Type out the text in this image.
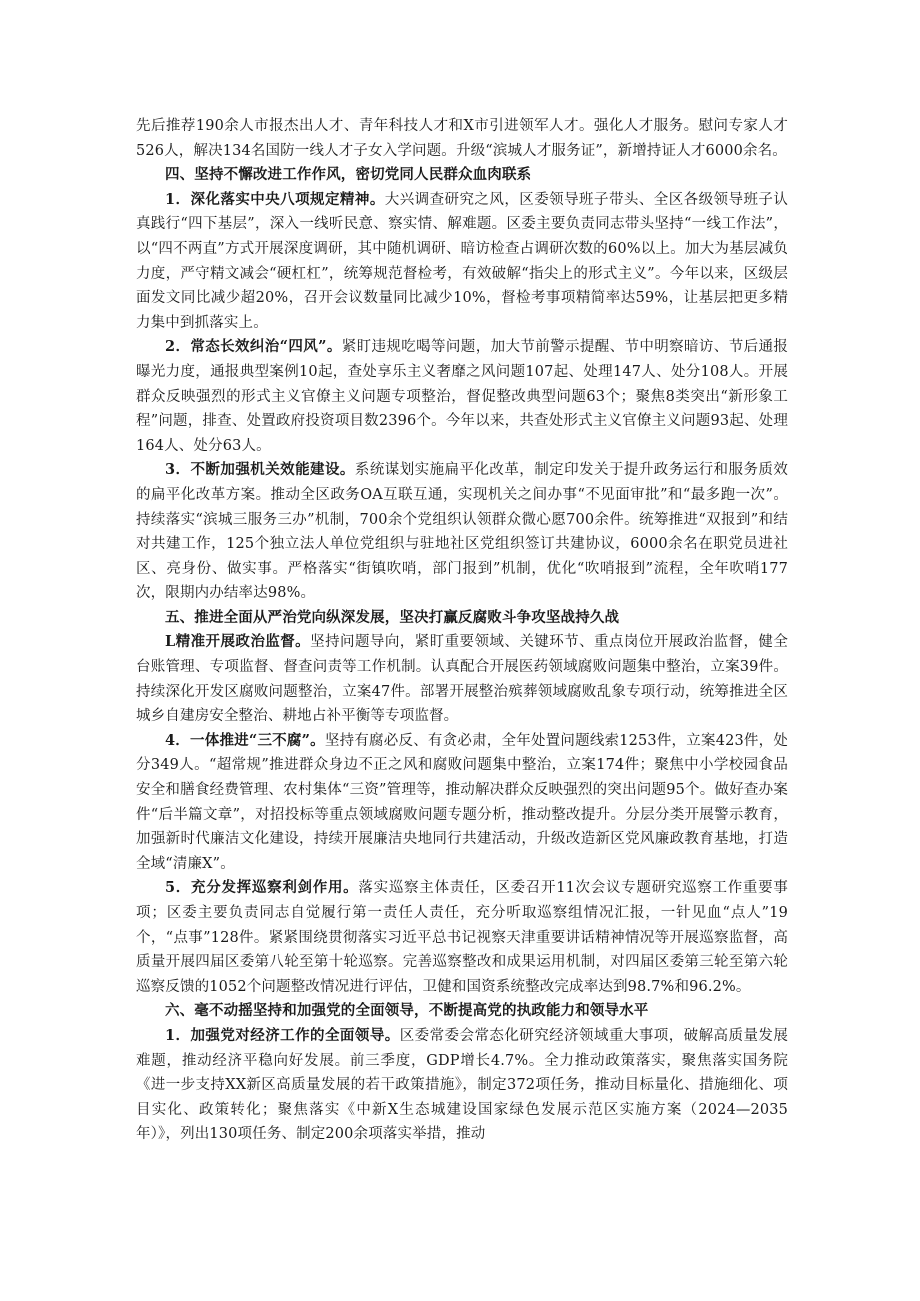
先后推荐190余人市报杰出人才、青年科技人才和X市引进领军人才。强化人才服务。慰问专家人才526人，解决134名国防一线人才子女入学问题。升级“滨城人才服务证”，新增持证人才6000余名。

四、坚持不懈改进工作作风，密切党同人民群众血肉联系

1．深化落实中央八项规定精神。大兴调查研究之风，区委领导班子带头、全区各级领导班子认真践行“四下基层”，深入一线听民意、察实情、解难题。区委主要负责同志带头坚持“一线工作法”，以“四不两直”方式开展深度调研，其中随机调研、暗访检查占调研次数的60%以上。加大为基层减负力度，严守精文减会“硬杠杠”，统筹规范督检考，有效破解“指尖上的形式主义”。今年以来，区级层面发文同比减少超20%，召开会议数量同比减少10%，督检考事项精简率达59%，让基层把更多精力集中到抓落实上。

2．常态长效纠治“四风”。紧盯违规吃喝等问题，加大节前警示提醒、节中明察暗访、节后通报曝光力度，通报典型案例10起，查处享乐主义奢靡之风问题107起、处理147人、处分108人。开展群众反映强烈的形式主义官僚主义问题专项整治，督促整改典型问题63个；聚焦8类突出“新形象工程”问题，排查、处置政府投资项目数2396个。今年以来，共查处形式主义官僚主义问题93起、处理164人、处分63人。

3．不断加强机关效能建设。系统谋划实施扁平化改革，制定印发关于提升政务运行和服务质效的扁平化改革方案。推动全区政务OA互联互通，实现机关之间办事“不见面审批”和“最多跑一次”。持续落实“滨城三服务三办”机制，700余个党组织认领群众微心愿700余件。统筹推进“双报到”和结对共建工作，125个独立法人单位党组织与驻地社区党组织签订共建协议，6000余名在职党员进社区、亮身份、做实事。严格落实“街镇吹哨，部门报到”机制，优化“吹哨报到”流程，全年吹哨177次，限期内办结率达98%。

五、推进全面从严治党向纵深发展，坚决打赢反腐败斗争攻坚战持久战

L精准开展政治监督。坚持问题导向，紧盯重要领域、关键环节、重点岗位开展政治监督，健全台账管理、专项监督、督查问责等工作机制。认真配合开展医药领域腐败问题集中整治，立案39件。持续深化开发区腐败问题整治，立案47件。部署开展整治殡葬领域腐败乱象专项行动，统筹推进全区城乡自建房安全整治、耕地占补平衡等专项监督。

4．一体推进“三不腐”。坚持有腐必反、有贪必肃，全年处置问题线索1253件，立案423件，处分349人。“超常规”推进群众身边不正之风和腐败问题集中整治，立案174件；聚焦中小学校园食品安全和膳食经费管理、农村集体“三资”管理等，推动解决群众反映强烈的突出问题95个。做好查办案件“后半篇文章”，对招投标等重点领域腐败问题专题分析，推动整改提升。分层分类开展警示教育，加强新时代廉洁文化建设，持续开展廉洁央地同行共建活动，升级改造新区党风廉政教育基地，打造全域“清廉X”。

5．充分发挥巡察利剑作用。落实巡察主体责任，区委召开11次会议专题研究巡察工作重要事项；区委主要负责同志自觉履行第一责任人责任，充分听取巡察组情况汇报，一针见血“点人”19个，“点事”128件。紧紧围绕贯彻落实习近平总书记视察天津重要讲话精神情况等开展巡察监督，高质量开展四届区委第八轮至第十轮巡察。完善巡察整改和成果运用机制，对四届区委第三轮至第六轮巡察反馈的1052个问题整改情况进行评估，卫健和国资系统整改完成率达到98.7%和96.2%。

六、毫不动摇坚持和加强党的全面领导，不断提高党的执政能力和领导水平

1．加强党对经济工作的全面领导。区委常委会常态化研究经济领域重大事项，破解高质量发展难题，推动经济平稳向好发展。前三季度，GDP增长4.7%。全力推动政策落实，聚焦落实国务院《进一步支持XX新区高质量发展的若干政策措施》，制定372项任务，推动目标量化、措施细化、项目实化、政策转化；聚焦落实《中新X生态城建设国家绿色发展示范区实施方案（2024—2035年）》，列出130项任务、制定200余项落实举措，推动
